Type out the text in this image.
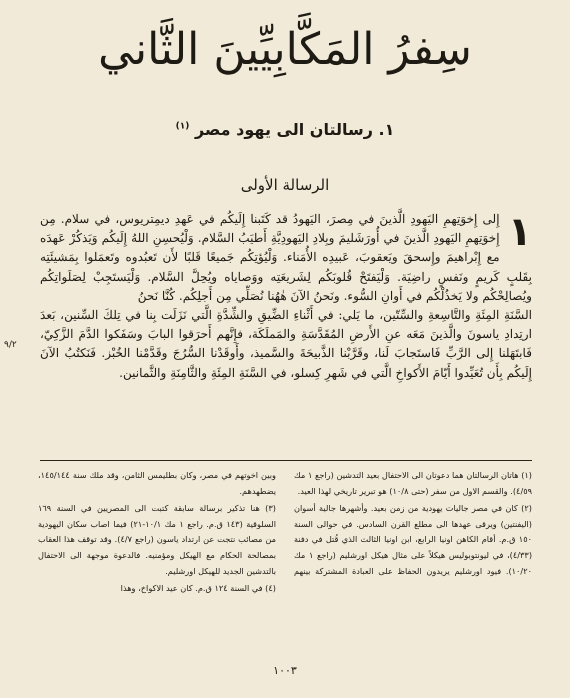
سِفرُ المَكَّابِيِّينَ الثَّاني
١. رسالتان الى يهود مصر $^{(١)}$
الرسالة الأولى
٩/٢
١

إِلى إِخوَتِهمِ اليَهودِ الَّذينَ في مِصرَ، اليَهودُ قد كَتَبنا إِلَيكُم في عَهدِ ديمِتريوس، في سلام. مِن إِخوَتِهمِ اليَهودِ الَّذينَ في أُورَشَليمَ وبِلادِ اليَهودِيَّةِ أَطيَبُ السَّلام. وَلْيُحسِنِ اللهُ إِلَيكُم وَيَذكُرْ عَهدَه مع إِبْراهيمَ وإِسحقَ ويَعقوبَ، عَبيدِه الأُمَناء. وَلْيُؤتِكُم جَميعًا قَلبًا لأَن تَعبُدوه وتَعمَلوا بِمَشيئَتِه بِقَلبٍ كَريمٍ ونَفسٍ راضِيَة. وَلْيَفتَحْ قُلوبَكُم لِشَريعَتِه ووَصاياه ويُحِلَّ السَّلام. وَلْيَستَجِبْ لِصَلَواتِكُم ويُصالِحْكُم ولا يَخذُلْكُم في أَوانِ السُّوء. ونَحنُ الآنَ هٰهُنا نُصَلِّي مِن أَجلِكُم. كُنَّا نَحنُ

السَّنَةِ المِئَةِ والتَّاسِعةِ والسِّتّين، ما يَلي: في أَثْناءِ الضِّيقِ والشِّدَّةِ الَّتي نَزَلَت بِنا في تِلكَ السِّنين، بَعدَ ارتِدادِ ياسونَ والَّذينَ مَعَه عنِ الأَرضِ المُقَدَّسَةِ والمَملَكَة، فإِنَّهم أَحرَقوا البابَ وسَفَكوا الدَّمَ الزَّكِيّ، فَابتَهَلنا إِلى الرَّبِّ فَاستَجابَ لَنا، وقَرَّبْنا الذَّبيحَةَ والسَّميذ، وأَوقَدْنا السُّرُجَ وقَدَّمْنا الخُبْز. فَنَكتُبُ الآنَ إِلَيكُم بِأَن تُعَيِّدوا أَيّامَ الأَكواخِ الَّتي في شَهرِ كِسلو، في السَّنَةِ المِئَةِ والثَّامِنَةِ والثَّمانين.

(١) هاتان الرسالتان هما دعوتان الى الاحتفال بعيد التدشين (راجع ١ مك ٤/٥٩). والقسم الاول من سفر (حتى ١٠/٨) هو تبرير تاريخي لهذا العيد.

(٢) كان في مصر جاليات يهودية من زمن بعيد. وأشهرها جالية أسوان (اليفنتين) ويرقى عهدها الى مطلع القرن السادس. في حوالى السنة ١٥٠ ق.م. أقام الكاهن اونيا الرابع، ابن اونيا الثالث الذي قُتل في دفنة (٤/٣٣)، في ليونتوبوليس هيكلاً على مثال هيكل اورشليم (راجع ١ مك ١٠/٢٠). فيود اورشليم يريدون الحفاظ على العبادة المشتركة بينهم وبين اخوتهم في مصر، وكان بطليمس الثامن، وقد ملك سنة ١٤٥/١٤٤، يضطهدهم.

(٣) هنا تذكير برسالة سابقة كتبت الى المصريين في السنة ١٦٩ السلوقية (١٤٣ ق.م. راجع ١ مك ١٠/١-٢١) فيما اصاب سكان اليهودية من مصائب نتجت عن ارتداد ياسون (راجع ٤/٧). وقد توقف هذا العقاب بمصالحة الحكام مع الهيكل ومؤمنيه. فالدعوة موجهة الى الاحتفال بالتدشين الجديد للهيكل اورشليم.

(٤) في السنة ١٢٤ ق.م. كان عيد الاكواخ، وهذا

١٠٠٣
